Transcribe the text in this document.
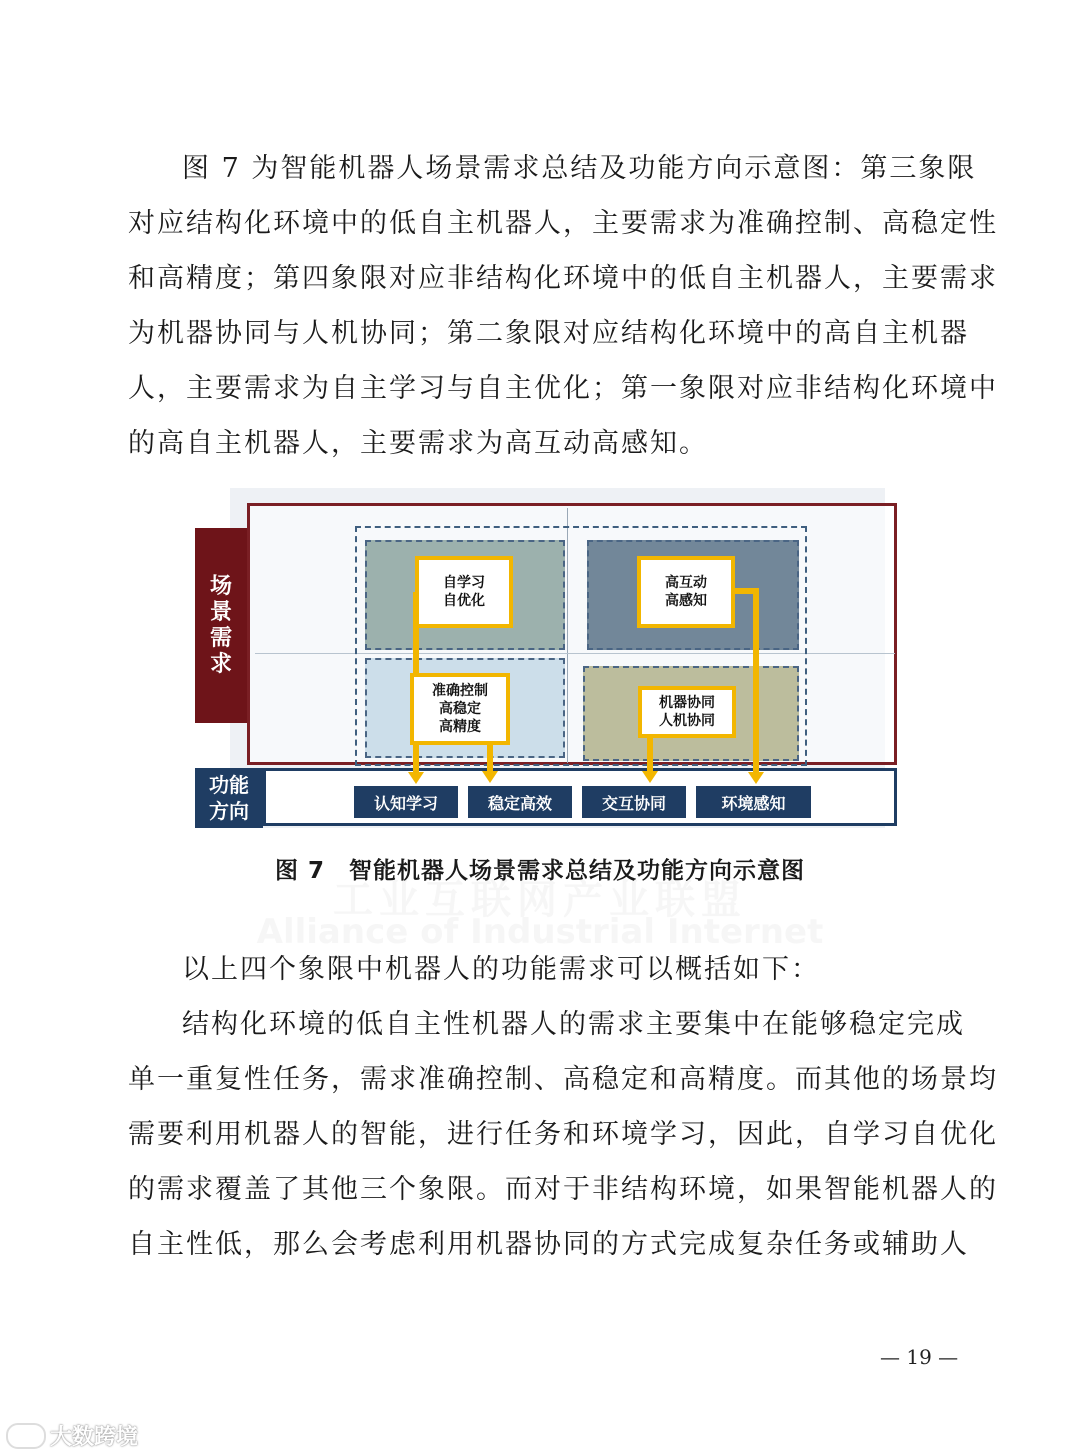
图 7 为智能机器人场景需求总结及功能方向示意图：第三象限
对应结构化环境中的低自主机器人，主要需求为准确控制、高稳定性
和高精度；第四象限对应非结构化环境中的低自主机器人，主要需求
为机器协同与人机协同；第二象限对应结构化环境中的高自主机器
人，主要需求为自主学习与自主优化；第一象限对应非结构化环境中
的高自主机器人，主要需求为高互动高感知。
场景需求
功能方向
自学习
自优化
高互动
高感知
准确控制
高稳定
高精度
机器协同
人机协同
认知学习	稳定高效	交互协同	环境感知
工业互联网产业联盟
Alliance of Industrial Internet
图 7　智能机器人场景需求总结及功能方向示意图
以上四个象限中机器人的功能需求可以概括如下：
结构化环境的低自主性机器人的需求主要集中在能够稳定完成
单一重复性任务，需求准确控制、高稳定和高精度。而其他的场景均
需要利用机器人的智能，进行任务和环境学习，因此，自学习自优化
的需求覆盖了其他三个象限。而对于非结构环境，如果智能机器人的
自主性低，那么会考虑利用机器协同的方式完成复杂任务或辅助人
— 19 —
大数跨境
